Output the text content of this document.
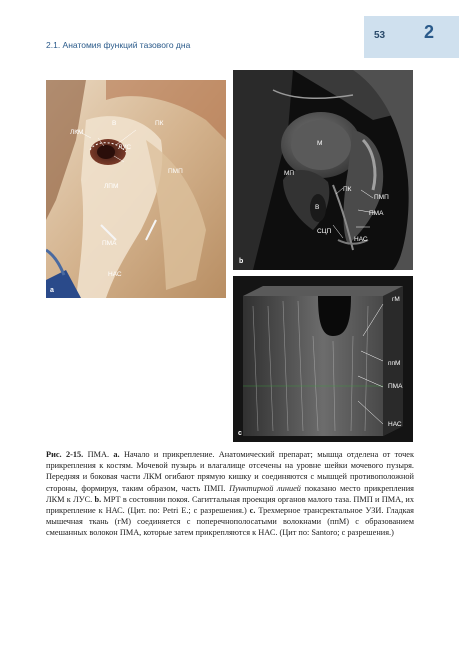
53 2
2.1. Анатомия функций тазового дна
В	ПК
ЛКМ
ЛУС
ПМП
ЛПМ
ПМА
НАС
a
М
МП
ПК
ПМП
В
ПМА
СЦП
НАС
b
гМ
ппМ
ПМА
НАС
c
Рис. 2-15. ПМА. a. Начало и прикрепление. Анатомический препарат; мышца отделена от точек прикрепления к костям. Мочевой пузырь и влагалище отсечены на уровне шейки мочевого пузыря. Передняя и боковая части ЛКМ огибают прямую кишку и соединяются с мышцей противоположной стороны, формируя, таким образом, часть ПМП. Пунктирной линией показано место прикрепления ЛКМ к ЛУС. b. МРТ в состоянии покоя. Сагиттальная проекция органов малого таза. ПМП и ПМА, их прикрепление к НАС. (Цит. по: Petri E.; с разрешения.) c. Трехмерное трансректальное УЗИ. Гладкая мышечная ткань (гМ) соединяется с поперечнополосатыми волокнами (ппМ) с образованием смешанных волокон ПМА, которые затем прикрепляются к НАС. (Цит по: Santoro; с разрешения.)
